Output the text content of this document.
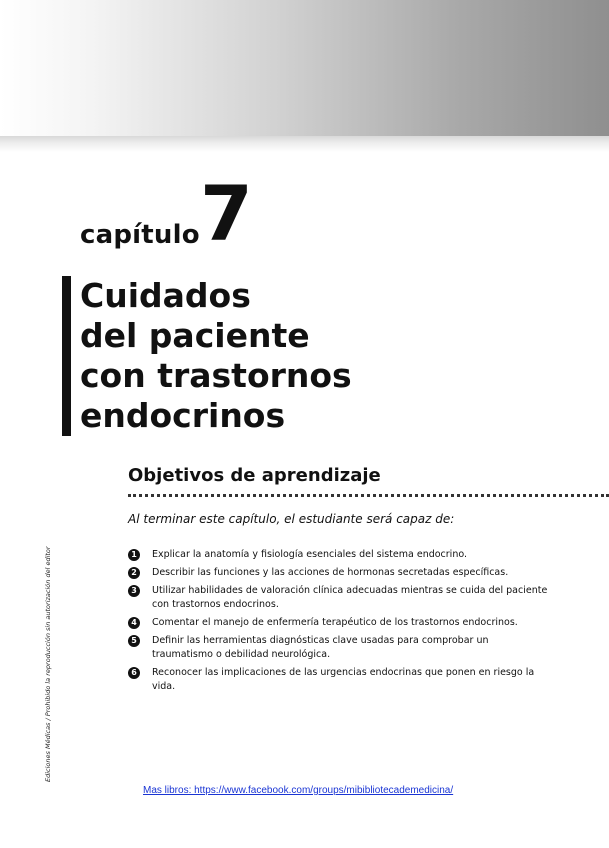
capítulo 7
Cuidados
del paciente
con trastornos
endocrinos
Objetivos de aprendizaje
Al terminar este capítulo, el estudiante será capaz de:
1	Explicar la anatomía y fisiología esenciales del sistema endocrino.
2	Describir las funciones y las acciones de hormonas secretadas específicas.
3	Utilizar habilidades de valoración clínica adecuadas mientras se cuida del paciente con trastornos endocrinos.
4	Comentar el manejo de enfermería terapéutico de los trastornos endocrinos.
5	Definir las herramientas diagnósticas clave usadas para comprobar un traumatismo o debilidad neurológica.
6	Reconocer las implicaciones de las urgencias endocrinas que ponen en riesgo la vida.
Ediciones Médicas / Prohibido la reproducción sin autorización del editor
Mas libros: https://www.facebook.com/groups/mibibliotecademedicina/
